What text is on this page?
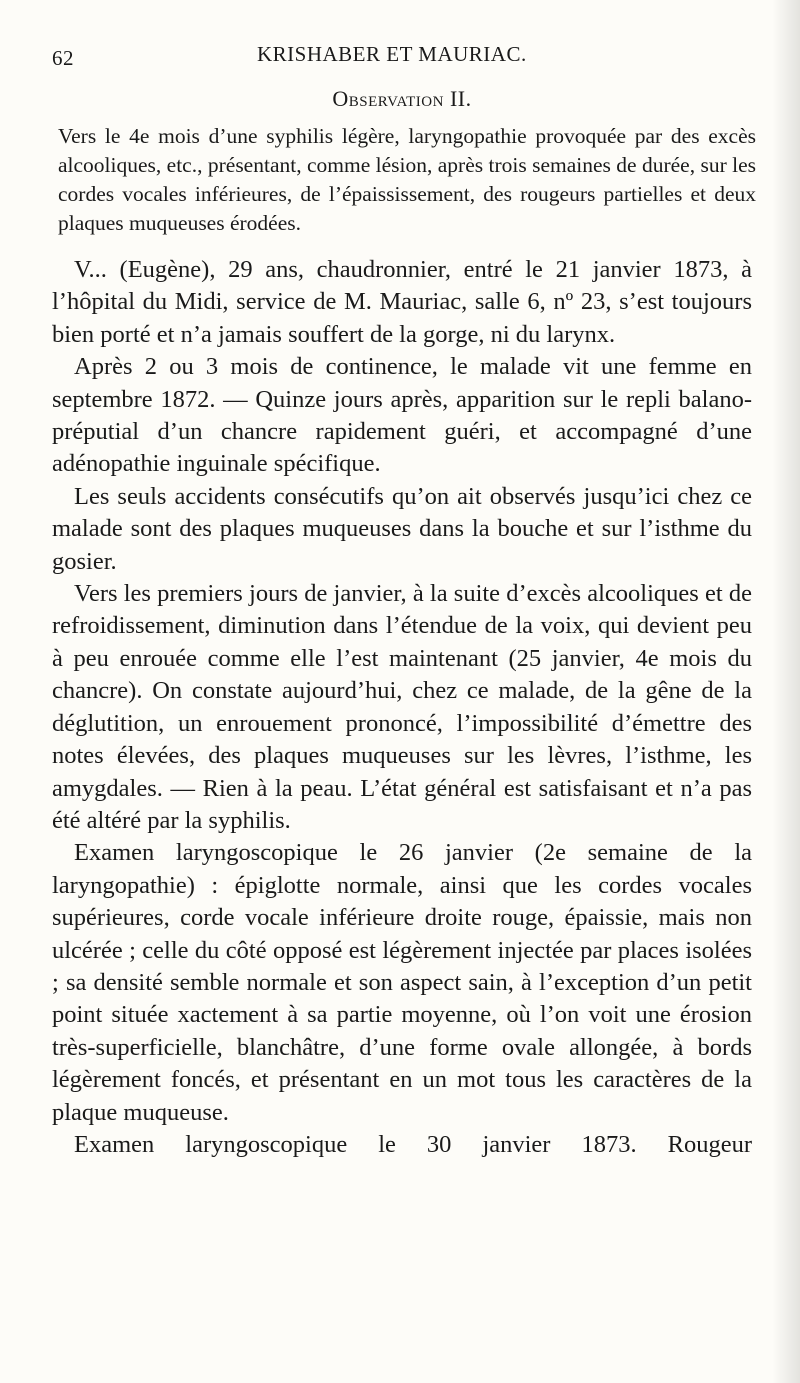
62	KRISHABER ET MAURIAC.
Observation II.
Vers le 4e mois d’une syphilis légère, laryngopathie provoquée par des excès alcooliques, etc., présentant, comme lésion, après trois semaines de durée, sur les cordes vocales inférieures, de l’épaississement, des rougeurs partielles et deux plaques muqueuses érodées.

V... (Eugène), 29 ans, chaudronnier, entré le 21 janvier 1873, à l’hôpital du Midi, service de M. Mauriac, salle 6, nº 23, s’est toujours bien porté et n’a jamais souffert de la gorge, ni du larynx.

Après 2 ou 3 mois de continence, le malade vit une femme en septembre 1872. — Quinze jours après, apparition sur le repli balano-préputial d’un chancre rapidement guéri, et accompagné d’une adénopathie inguinale spécifique.

Les seuls accidents consécutifs qu’on ait observés jusqu’ici chez ce malade sont des plaques muqueuses dans la bouche et sur l’isthme du gosier.

Vers les premiers jours de janvier, à la suite d’excès alcooliques et de refroidissement, diminution dans l’étendue de la voix, qui devient peu à peu enrouée comme elle l’est maintenant (25 janvier, 4e mois du chancre). On constate aujourd’hui, chez ce malade, de la gêne de la déglutition, un enrouement prononcé, l’impossibilité d’émettre des notes élevées, des plaques muqueuses sur les lèvres, l’isthme, les amygdales. — Rien à la peau. L’état général est satisfaisant et n’a pas été altéré par la syphilis.

Examen laryngoscopique le 26 janvier (2e semaine de la laryngopathie) : épiglotte normale, ainsi que les cordes vocales supérieures, corde vocale inférieure droite rouge, épaissie, mais non ulcérée ; celle du côté opposé est légèrement injectée par places isolées ; sa densité semble normale et son aspect sain, à l’exception d’un petit point située xactement à sa partie moyenne, où l’on voit une érosion très-superficielle, blanchâtre, d’une forme ovale allongée, à bords légèrement foncés, et présentant en un mot tous les caractères de la plaque muqueuse.

Examen laryngoscopique le 30 janvier 1873. Rougeur
